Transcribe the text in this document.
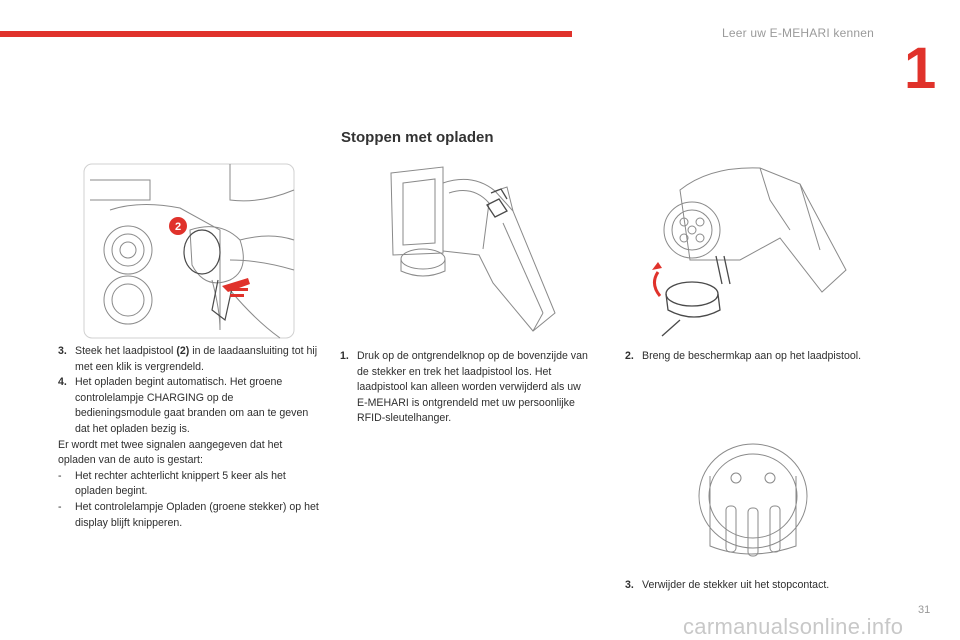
Leer uw E-MEHARI kennen
1
Stoppen met opladen
2
3. Steek het laadpistool (2) in de laadaansluiting tot hij met een klik is vergrendeld.
4. Het opladen begint automatisch. Het groene controlelampje CHARGING op de bedieningsmodule gaat branden om aan te geven dat het opladen bezig is.
Er wordt met twee signalen aangegeven dat het opladen van de auto is gestart:
- Het rechter achterlicht knippert 5 keer als het opladen begint.
- Het controlelampje Opladen (groene stekker) op het display blijft knipperen.
1. Druk op de ontgrendelknop op de bovenzijde van de stekker en trek het laadpistool los. Het laadpistool kan alleen worden verwijderd als uw E-MEHARI is ontgrendeld met uw persoonlijke RFID-sleutelhanger.
2. Breng de beschermkap aan op het laadpistool.
3. Verwijder de stekker uit het stopcontact.
31
carmanualsonline.info
